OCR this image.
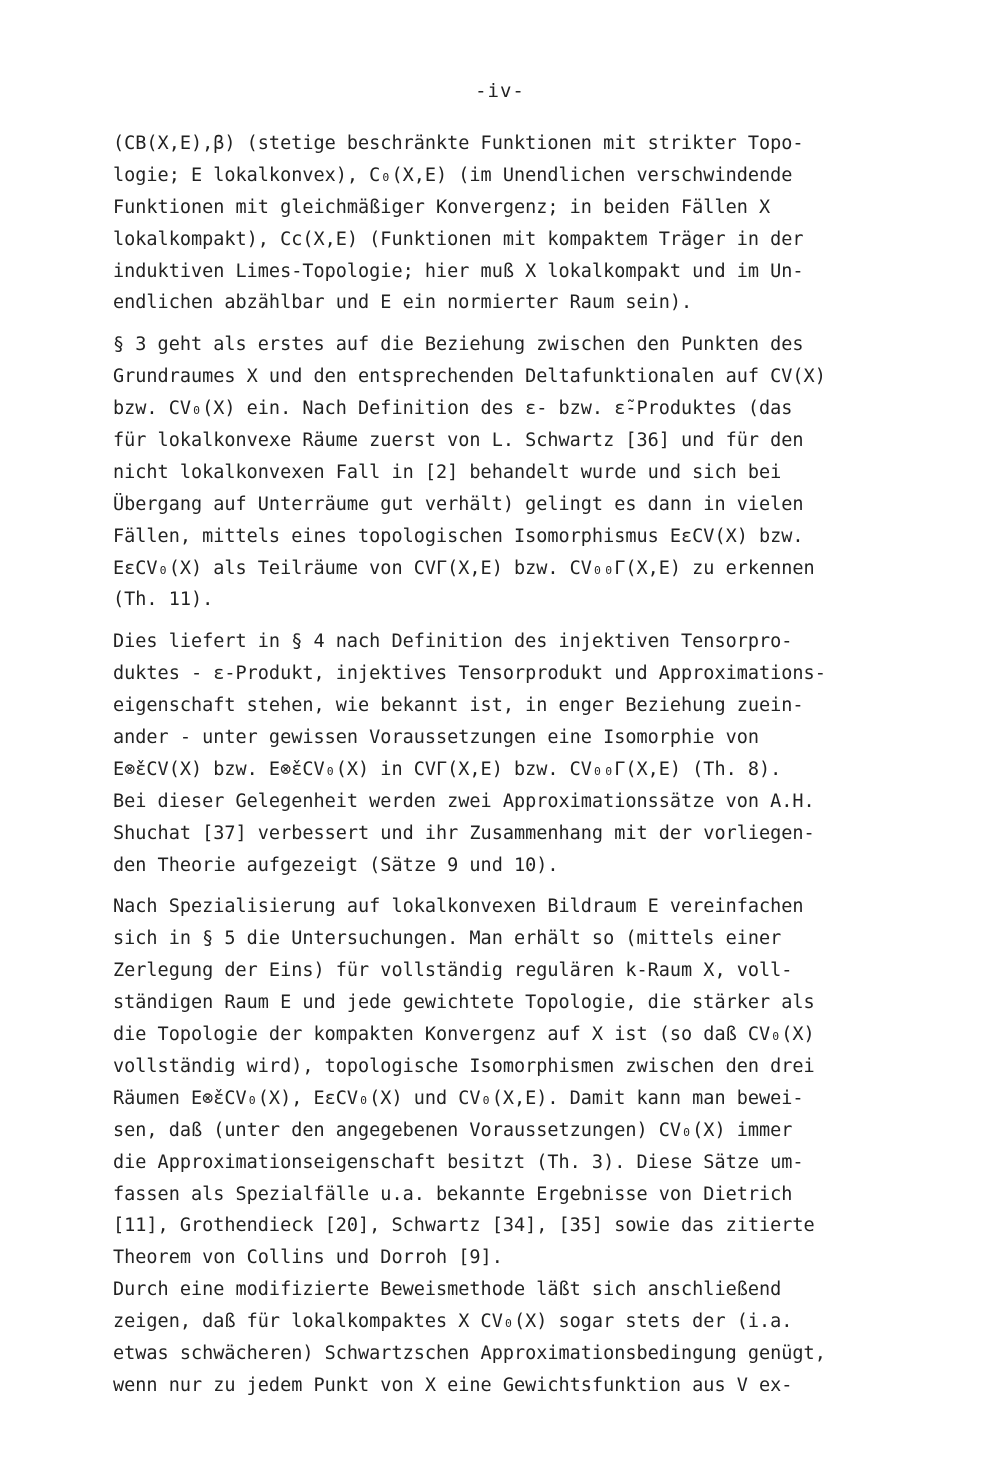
-iv-
(CB(X,E),β) (stetige beschränkte Funktionen mit strikter Topo-
logie; E lokalkonvex), C₀(X,E) (im Unendlichen verschwindende
Funktionen mit gleichmäßiger Konvergenz; in beiden Fällen X
lokalkompakt), Cc(X,E) (Funktionen mit kompaktem Träger in der
induktiven Limes-Topologie; hier muß X lokalkompakt und im Un-
endlichen abzählbar und E ein normierter Raum sein).
§ 3 geht als erstes auf die Beziehung zwischen den Punkten des
Grundraumes X und den entsprechenden Deltafunktionalen auf CV(X)
bzw. CV₀(X) ein. Nach Definition des ε- bzw. ε̃-Produktes (das
für lokalkonvexe Räume zuerst von L. Schwartz [36] und für den
nicht lokalkonvexen Fall in [2] behandelt wurde und sich bei
Übergang auf Unterräume gut verhält) gelingt es dann in vielen
Fällen, mittels eines topologischen Isomorphismus EεCV(X) bzw.
EεCV₀(X) als Teilräume von CVΓ(X,E) bzw. CV₀₀Γ(X,E) zu erkennen
(Th. 11).
Dies liefert in § 4 nach Definition des injektiven Tensorpro-
duktes - ε-Produkt, injektives Tensorprodukt und Approximations-
eigenschaft stehen, wie bekannt ist, in enger Beziehung zuein-
ander - unter gewissen Voraussetzungen eine Isomorphie von
E⊗̌εCV(X) bzw. E⊗̌εCV₀(X) in CVΓ(X,E) bzw. CV₀₀Γ(X,E) (Th. 8).
Bei dieser Gelegenheit werden zwei Approximationssätze von A.H.
Shuchat [37] verbessert und ihr Zusammenhang mit der vorliegen-
den Theorie aufgezeigt (Sätze 9 und 10).
Nach Spezialisierung auf lokalkonvexen Bildraum E vereinfachen
sich in § 5 die Untersuchungen. Man erhält so (mittels einer
Zerlegung der Eins) für vollständig regulären k-Raum X, voll-
ständigen Raum E und jede gewichtete Topologie, die stärker als
die Topologie der kompakten Konvergenz auf X ist (so daß CV₀(X)
vollständig wird), topologische Isomorphismen zwischen den drei
Räumen E⊗̌εCV₀(X), EεCV₀(X) und CV₀(X,E). Damit kann man bewei-
sen, daß (unter den angegebenen Voraussetzungen) CV₀(X) immer
die Approximationseigenschaft besitzt (Th. 3). Diese Sätze um-
fassen als Spezialfälle u.a. bekannte Ergebnisse von Dietrich
[11], Grothendieck [20], Schwartz [34], [35] sowie das zitierte
Theorem von Collins und Dorroh [9].
Durch eine modifizierte Beweismethode läßt sich anschließend
zeigen, daß für lokalkompaktes X CV₀(X) sogar stets der (i.a.
etwas schwächeren) Schwartzschen Approximationsbedingung genügt,
wenn nur zu jedem Punkt von X eine Gewichtsfunktion aus V ex-
